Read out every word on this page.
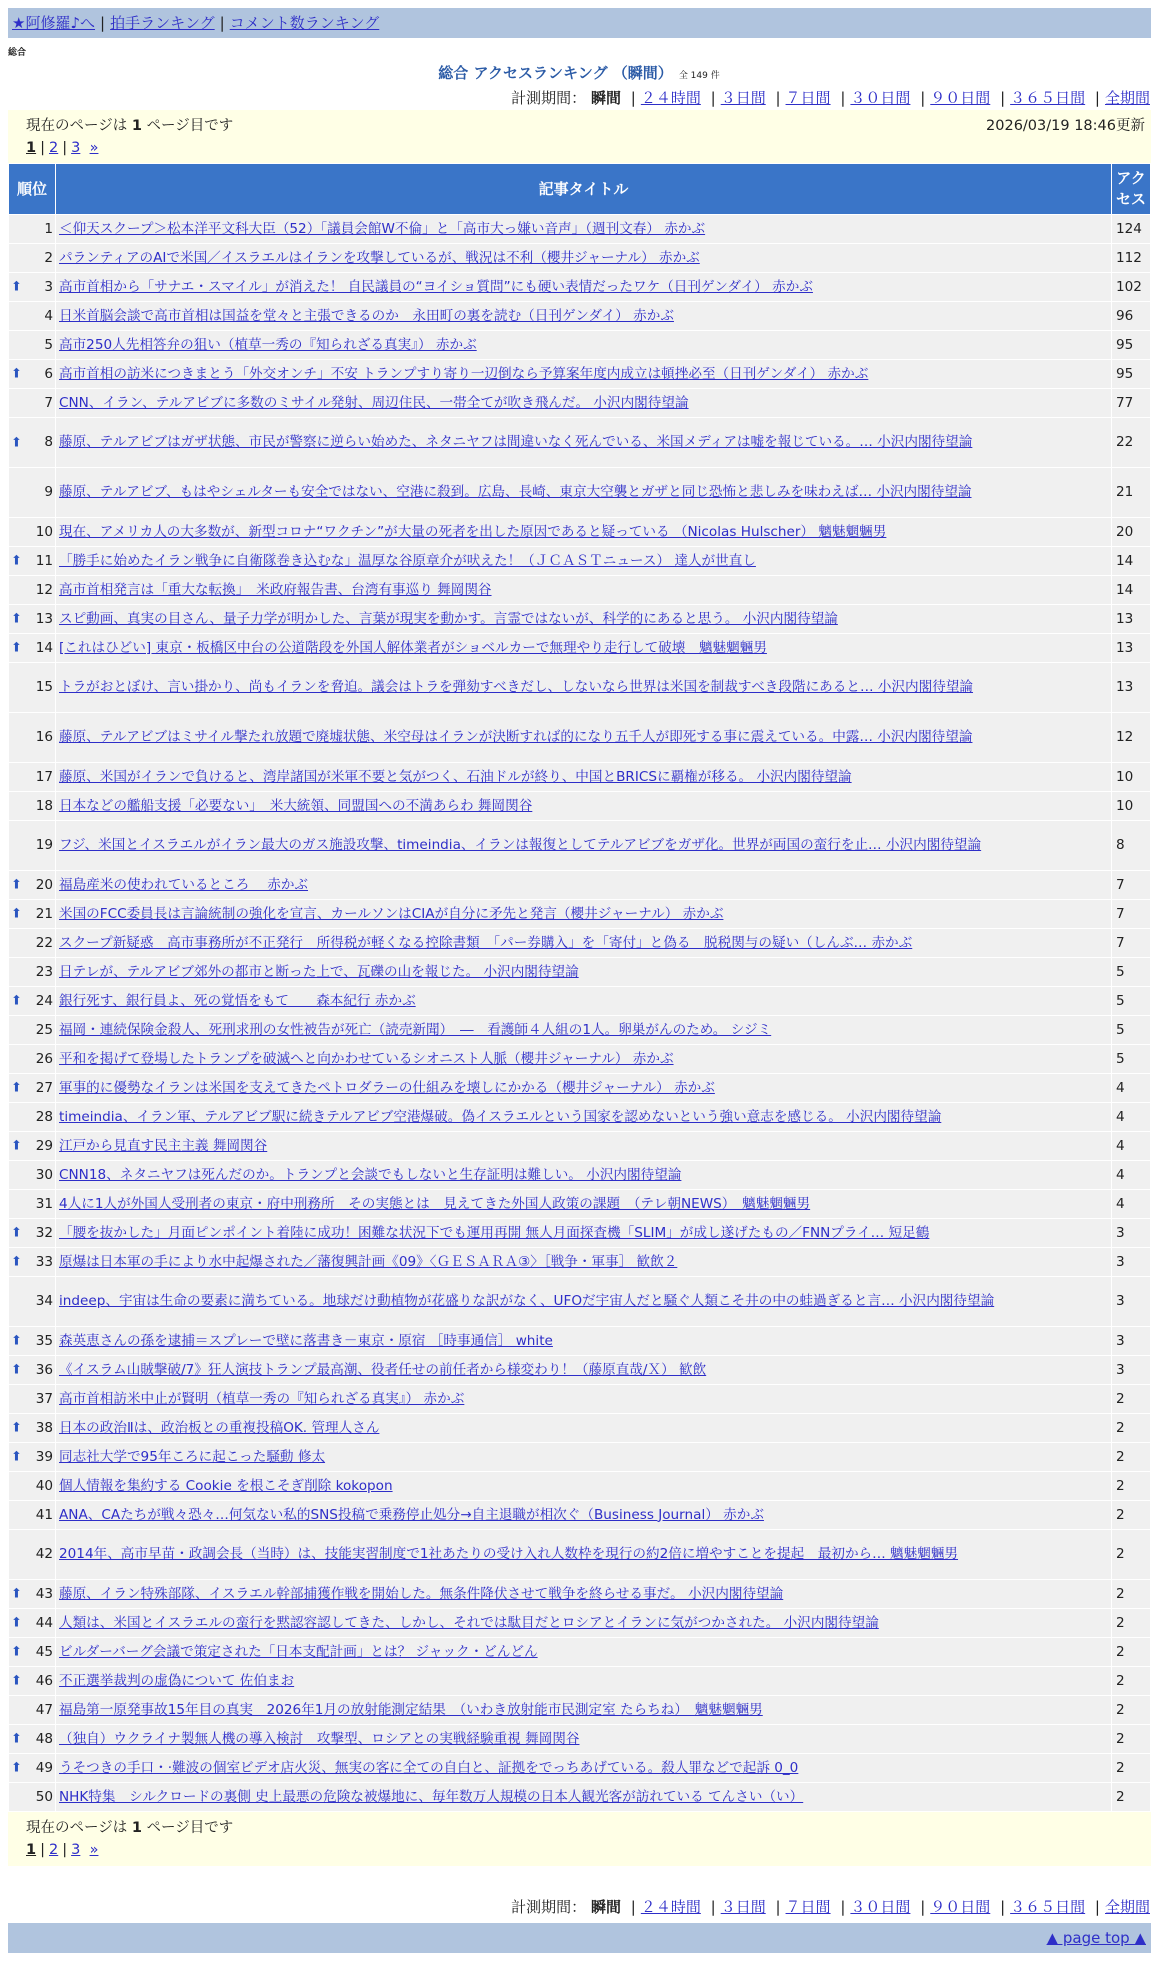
★阿修羅♪へ | 拍手ランキング | コメント数ランキング
総合
総合 アクセスランキング （瞬間） 全 149 件
計測期間： 瞬間 | ２４時間 | ３日間 | ７日間 | ３０日間 | ９０日間 | ３６５日間 | 全期間
現在のページは 1 ページ目です	2026/03/19 18:46更新
1 | 2 | 3 »
順位	記事タイトル	アクセス
1	＜仰天スクープ＞松本洋平文科大臣（52）「議員会館W不倫」と「高市大っ嫌い音声」（週刊文春） 赤かぶ	124
2	パランティアのAIで米国／イスラエルはイランを攻撃しているが、戦況は不利（櫻井ジャーナル） 赤かぶ	112

⬆ 3	高市首相から「サナエ・スマイル」が消えた！ 自民議員の“ヨイショ質問”にも硬い表情だったワケ（日刊ゲンダイ） 赤かぶ	102
4	日米首脳会談で高市首相は国益を堂々と主張できるのか　永田町の裏を読む（日刊ゲンダイ） 赤かぶ	96
5	高市250人先相答弁の狙い（植草一秀の『知られざる真実』） 赤かぶ	95

⬆ 6	高市首相の訪米につきまとう「外交オンチ」不安 トランプすり寄り一辺倒なら予算案年度内成立は頓挫必至（日刊ゲンダイ） 赤かぶ	95
7	CNN、イラン、テルアビブに多数のミサイル発射、周辺住民、一帯全てが吹き飛んだ。 小沢内閣待望論	77

⬆ 8	藤原、テルアビブはガザ状態、市民が警察に逆らい始めた、ネタニヤフは間違いなく死んでいる、米国メディアは嘘を報じている。… 小沢内閣待望論	22
9	藤原、テルアビブ、もはやシェルターも安全ではない、空港に殺到。広島、長崎、東京大空襲とガザと同じ恐怖と悲しみを味わえば… 小沢内閣待望論	21
10	現在、アメリカ人の大多数が、新型コロナ“ワクチン”が大量の死者を出した原因であると疑っている （Nicolas Hulscher） 魑魅魍魎男	20

⬆ 11	「勝手に始めたイラン戦争に自衛隊巻き込むな」温厚な谷原章介が吠えた！（ＪＣＡＳＴニュース） 達人が世直し	14
12	高市首相発言は「重大な転換」　米政府報告書、台湾有事巡り 舞岡関谷	14

⬆ 13	スピ動画、真実の目さん、量子力学が明かした、言葉が現実を動かす。言霊ではないが、科学的にあると思う。 小沢内閣待望論	13

⬆ 14	[これはひどい] 東京・板橋区中台の公道階段を外国人解体業者がショベルカーで無理やり走行して破壊　魑魅魍魎男	13
15	トラがおとぼけ、言い掛かり、尚もイランを脅迫。議会はトラを弾劾すべきだし、しないなら世界は米国を制裁すべき段階にあると… 小沢内閣待望論	13
16	藤原、テルアビブはミサイル撃たれ放題で廃墟状態、米空母はイランが決断すれば的になり五千人が即死する事に震えている。中露… 小沢内閣待望論	12
17	藤原、米国がイランで負けると、湾岸諸国が米軍不要と気がつく、石油ドルが終り、中国とBRICSに覇権が移る。 小沢内閣待望論	10
18	日本などの艦船支援「必要ない」　米大統領、同盟国への不満あらわ 舞岡関谷	10
19	フジ、米国とイスラエルがイラン最大のガス施設攻撃、timeindia、イランは報復としてテルアビブをガザ化。世界が両国の蛮行を止… 小沢内閣待望論	8

⬆ 20	福島産米の使われているところ　 赤かぶ	7

⬆ 21	米国のFCC委員長は言論統制の強化を宣言、カールソンはCIAが自分に矛先と発言（櫻井ジャーナル） 赤かぶ	7
22	スクープ新疑惑　高市事務所が不正発行　所得税が軽くなる控除書類　「パー券購入」を「寄付」と偽る　脱税関与の疑い（しんぶ… 赤かぶ	7
23	日テレが、テルアビブ郊外の都市と断った上で、瓦礫の山を報じた。 小沢内閣待望論	5

⬆ 24	銀行死す、銀行員よ、死の覚悟をもて　　森本紀行 赤かぶ	5
25	福岡・連続保険金殺人、死刑求刑の女性被告が死亡（読売新聞）　―　看護師４人組の1人。卵巣がんのため。 シジミ	5
26	平和を掲げて登場したトランプを破滅へと向かわせているシオニスト人脈（櫻井ジャーナル） 赤かぶ	5

⬆ 27	軍事的に優勢なイランは米国を支えてきたペトロダラーの仕組みを壊しにかかる（櫻井ジャーナル） 赤かぶ	4
28	timeindia、イラン軍、テルアビブ駅に続きテルアビブ空港爆破。偽イスラエルという国家を認めないという強い意志を感じる。 小沢内閣待望論	4

⬆ 29	江戸から見直す民主主義 舞岡関谷	4
30	CNN18、ネタニヤフは死んだのか。トランプと会談でもしないと生存証明は難しい。 小沢内閣待望論	4
31	4人に1人が外国人受刑者の東京・府中刑務所　その実態とは　見えてきた外国人政策の課題　（テレ朝NEWS）　魑魅魍魎男	4

⬆ 32	「腰を抜かした」月面ピンポイント着陸に成功！困難な状況下でも運用再開 無人月面探査機「SLIM」が成し遂げたもの／FNNプライ… 短足鶴	3

⬆ 33	原爆は日本軍の手により水中起爆された／藩復興計画《09》〈ＧＥＳＡＲＡ③〉［戦争・軍事］ 歓飲２	3
34	indeep、宇宙は生命の要素に満ちている。地球だけ動植物が花盛りな訳がなく、UFOだ宇宙人だと騒ぐ人類こそ井の中の蛙過ぎると言… 小沢内閣待望論	3

⬆ 35	森英恵さんの孫を逮捕＝スプレーで壁に落書き－東京・原宿 ［時事通信］ white	3

⬆ 36	《イスラム山賊撃破/7》狂人演技トランプ最高潮、役者任せの前任者から様変わり！（藤原直哉/Ｘ） 歓飲	3
37	高市首相訪米中止が賢明（植草一秀の『知られざる真実』） 赤かぶ	2

⬆ 38	日本の政治Ⅱは、政治板との重複投稿OK. 管理人さん	2

⬆ 39	同志社大学で95年ころに起こった騒動 修太	2
40	個人情報を集約する Cookie を根こそぎ削除 kokopon	2
41	ANA、CAたちが戦々恐々…何気ない私的SNS投稿で乗務停止処分→自主退職が相次ぐ（Business Journal） 赤かぶ	2
42	2014年、高市早苗・政調会長（当時）は、技能実習制度で1社あたりの受け入れ人数枠を現行の約2倍に増やすことを提起　最初から… 魑魅魍魎男	2

⬆ 43	藤原、イラン特殊部隊、イスラエル幹部捕獲作戦を開始した。無条件降伏させて戦争を終らせる事だ。 小沢内閣待望論	2

⬆ 44	人類は、米国とイスラエルの蛮行を黙認容認してきた、しかし、それでは駄目だとロシアとイランに気がつかされた。 小沢内閣待望論	2

⬆ 45	ビルダーバーグ会議で策定された「日本支配計画」とは？ ジャック・どんどん	2

⬆ 46	不正選挙裁判の虚偽について 佐伯まお	2
47	福島第一原発事故15年目の真実　2026年1月の放射能測定結果　（いわき放射能市民測定室 たらちね）　魑魅魍魎男	2

⬆ 48	（独自）ウクライナ製無人機の導入検討　攻撃型、ロシアとの実戦経験重視 舞岡関谷	2

⬆ 49	うそつきの手口・·難波の個室ビデオ店火災、無実の客に全ての自白と、証拠をでっちあげている。殺人罪などで起訴 0_0	2
50	NHK特集　シルクロードの裏側 史上最悪の危険な被爆地に、毎年数万人規模の日本人観光客が訪れている てんさい（い）	2
計測期間： 瞬間 | ２４時間 | ３日間 | ７日間 | ３０日間 | ９０日間 | ３６５日間 | 全期間
▲ page top ▲
現在のページは 1 ページ目です
1 | 2 | 3 »
